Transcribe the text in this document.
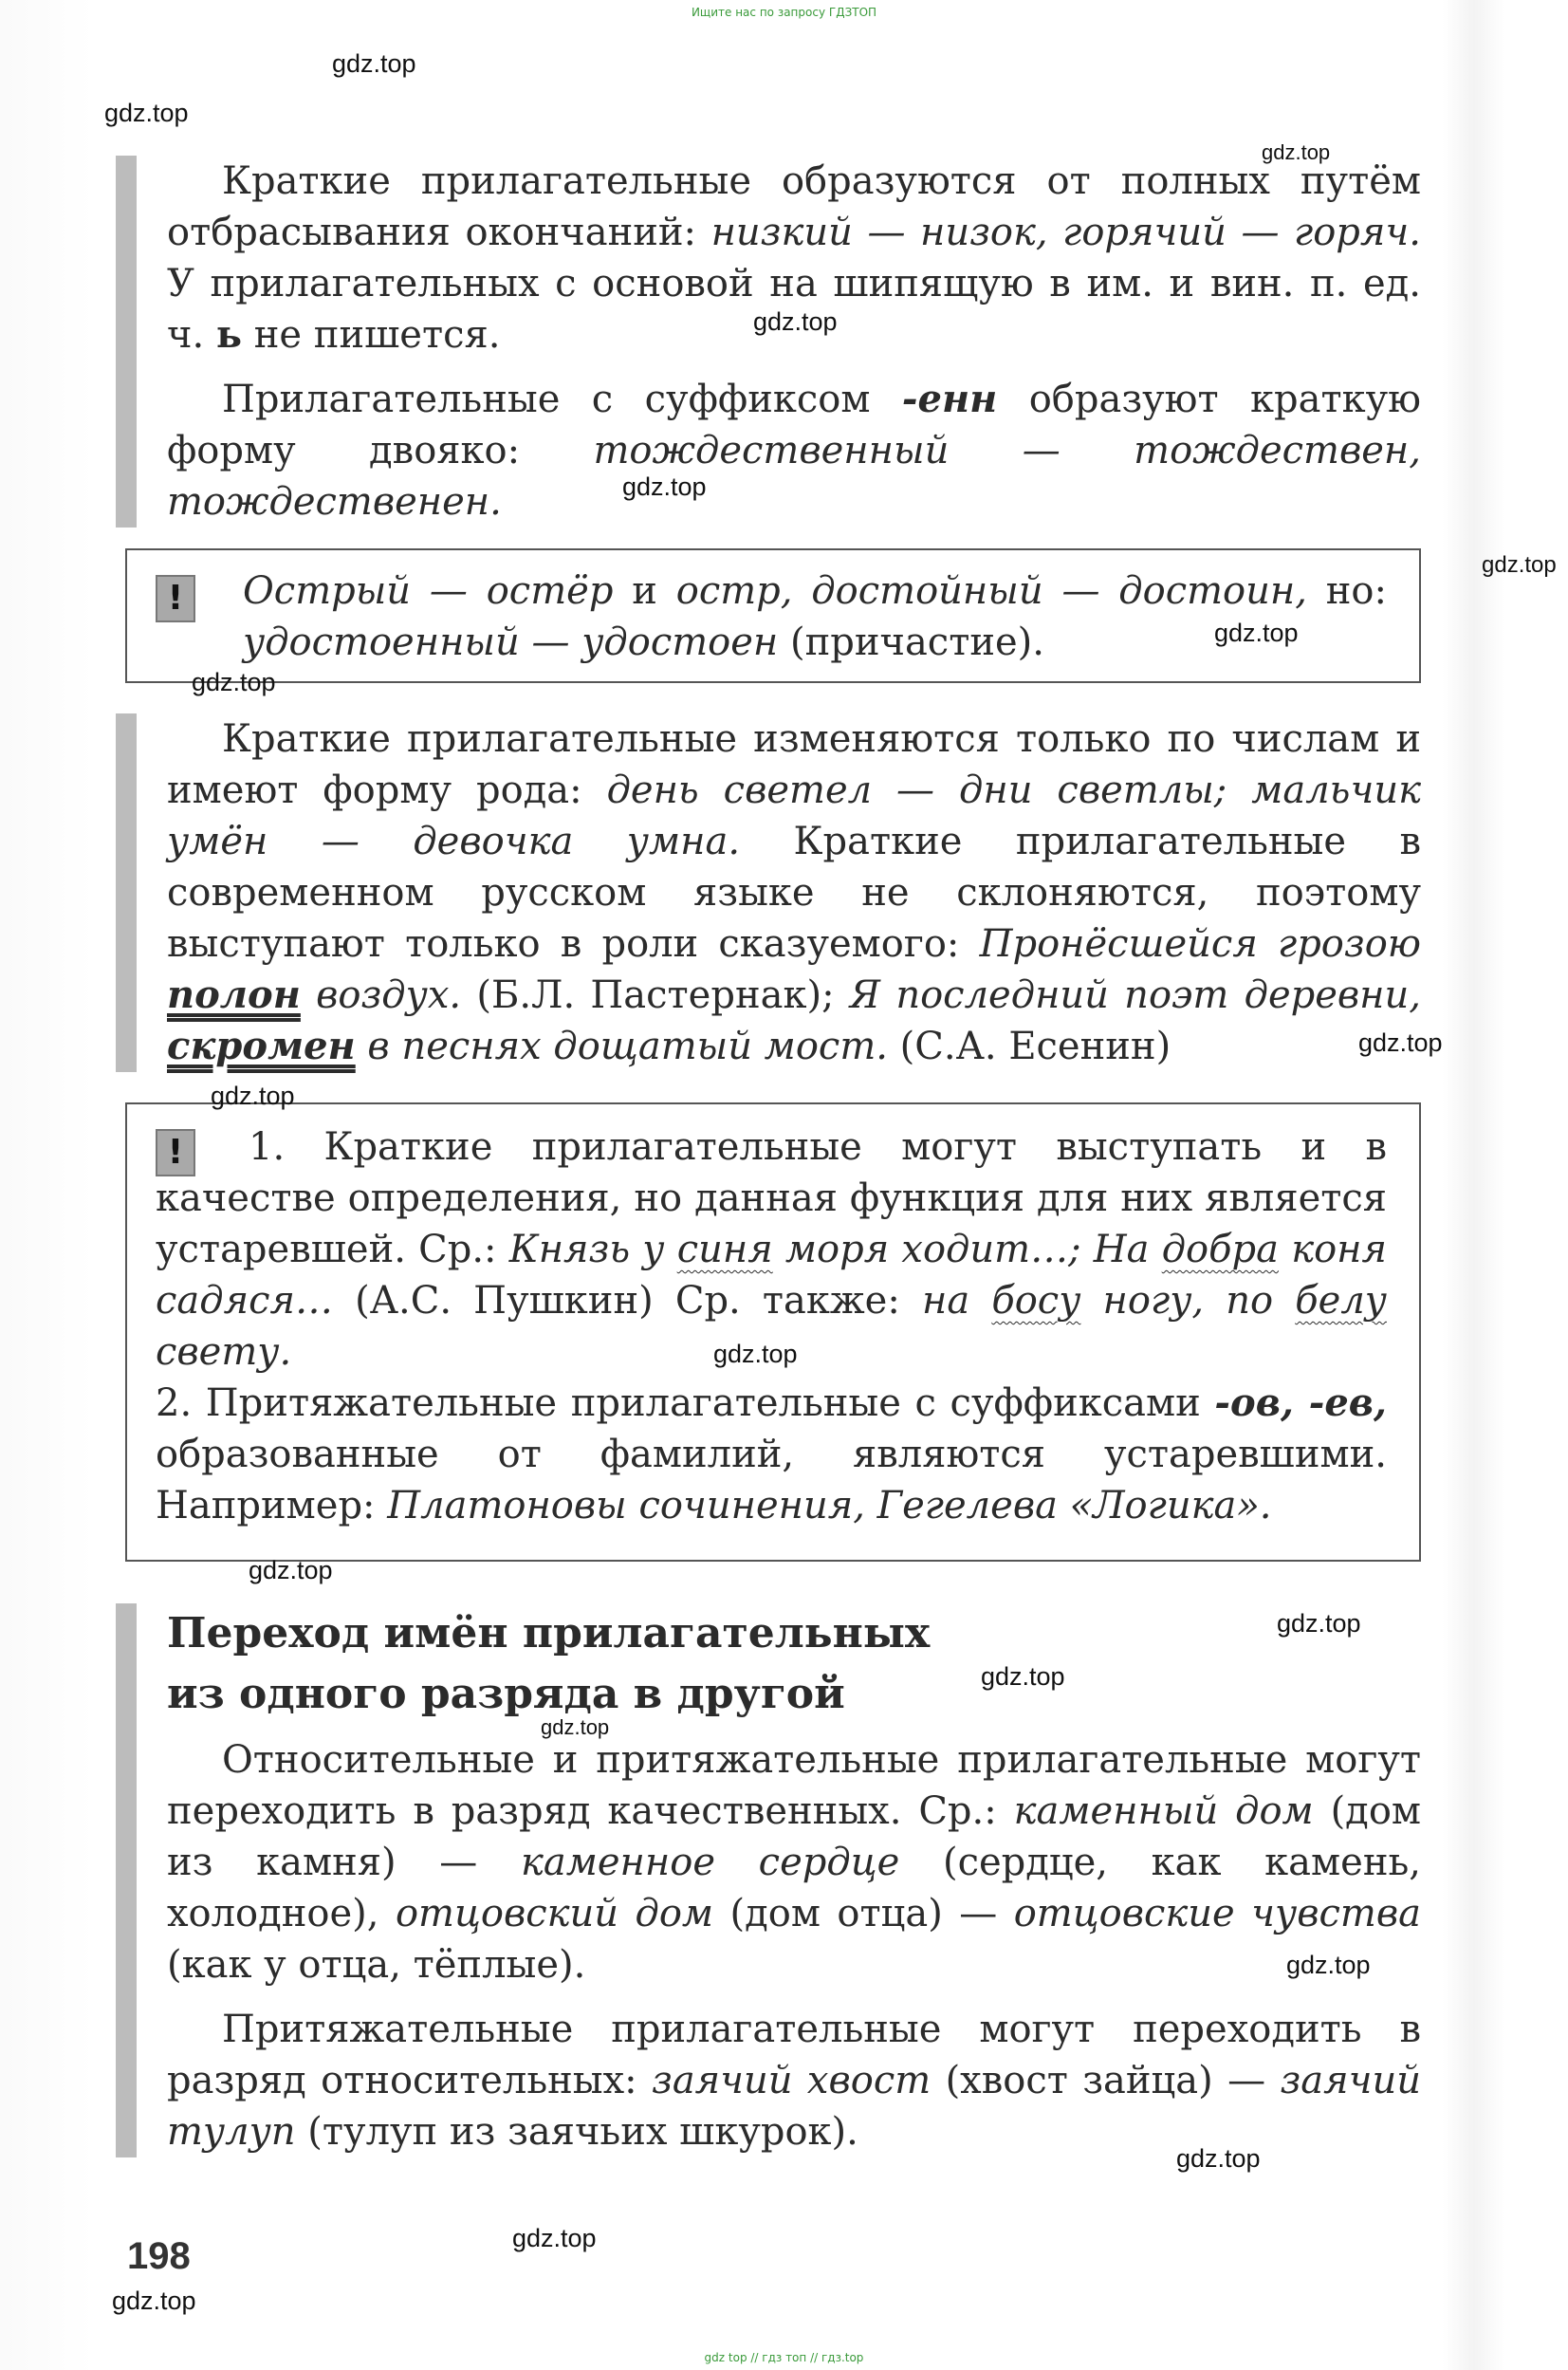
Ищите нас по запросу ГДЗТОП

Краткие прилагательные образуются от полных путём отбрасывания окончаний: низкий — низок, горячий — горяч. У прилагательных с основой на шипящую в им. и вин. п. ед. ч. ь не пишется.

Прилагательные с суффиксом -енн образуют краткую форму двояко: тождественный — тождествен, тождественен.

!	Острый — остёр и остр, достойный — достоин, но: удостоенный — удостоен (причастие).

Краткие прилагательные изменяются только по числам и имеют форму рода: день светел — дни светлы; мальчик умён — девочка умна. Краткие прилагательные в современном русском языке не склоняются, поэтому выступают только в роли сказуемого: Пронёсшейся грозою полон воздух. (Б.Л. Пастернак); Я последний поэт деревни, скромен в песнях дощатый мост. (С.А. Есенин)

!	1. Краткие прилагательные могут выступать и в качестве определения, но данная функция для них является устаревшей. Ср.: Князь у синя моря ходит…; На добра коня садяся… (А.С. Пушкин) Ср. также: на босу ногу, по белу свету.
2. Притяжательные прилагательные с суффиксами -ов, -ев, образованные от фамилий, являются устаревшими. Например: Платоновы сочинения, Гегелева «Логика».
Переход имён прилагательных
из одного разряда в другой

Относительные и притяжательные прилагательные могут переходить в разряд качественных. Ср.: каменный дом (дом из камня) — каменное сердце (сердце, как камень, холодное), отцовский дом (дом отца) — отцовские чувства (как у отца, тёплые).

Притяжательные прилагательные могут переходить в разряд относительных: заячий хвост (хвост зайца) — заячий тулуп (тулуп из заячьих шкурок).

198
gdz.top
gdz.top
gdz.top
gdz.top
gdz.top
gdz.top
gdz.top
gdz.top
gdz.top
gdz.top
gdz.top
gdz.top
gdz.top
gdz.top
gdz.top
gdz.top
gdz.top
gdz.top
gdz.top
gdz top // гдз топ // гдз.top
